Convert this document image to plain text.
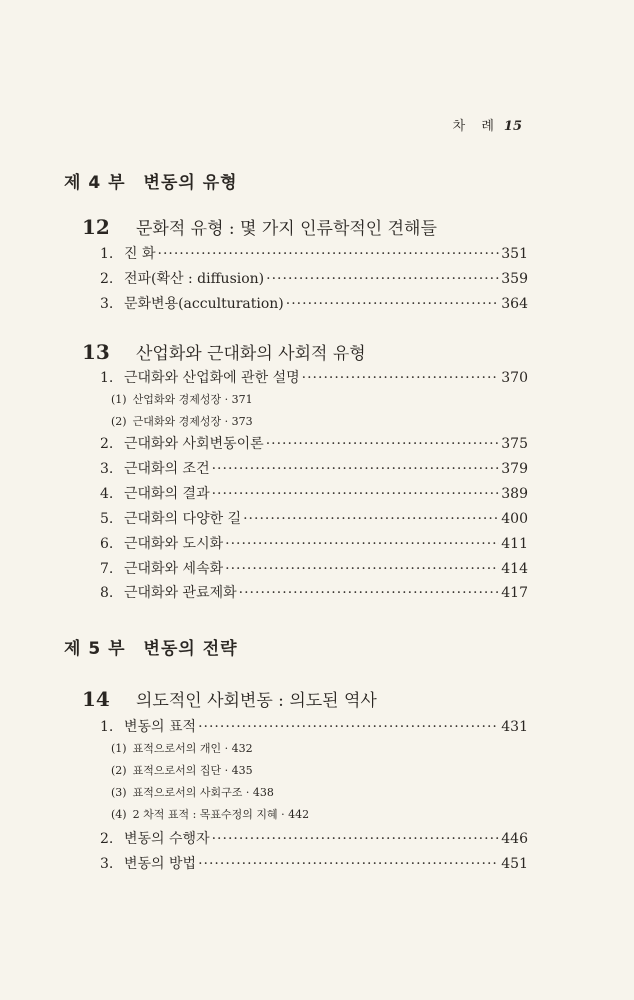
차 례 15
제 4 부 변동의 유형
12 문화적 유형 : 몇 가지 인류학적인 견해들
1. 진 화 ·····	351
2. 전파(확산 : diffusion) ·····	359
3. 문화변용(acculturation) ·····	364
13 산업화와 근대화의 사회적 유형
1. 근대화와 산업화에 관한 설명 ·····	370
(1) 산업화와 경제성장 · 371
(2) 근대화와 경제성장 · 373
2. 근대화와 사회변동이론 ·····	375
3. 근대화의 조건 ·····	379
4. 근대화의 결과 ·····	389
5. 근대화의 다양한 길 ·····	400
6. 근대화와 도시화 ·····	411
7. 근대화와 세속화 ·····	414
8. 근대화와 관료제화 ·····	417
제 5 부 변동의 전략
14 의도적인 사회변동 : 의도된 역사
1. 변동의 표적 ·····	431
(1) 표적으로서의 개인 · 432
(2) 표적으로서의 집단 · 435
(3) 표적으로서의 사회구조 · 438
(4) 2 차적 표적 : 목표수정의 지혜 · 442
2. 변동의 수행자 ·····	446
3. 변동의 방법 ·····	451
